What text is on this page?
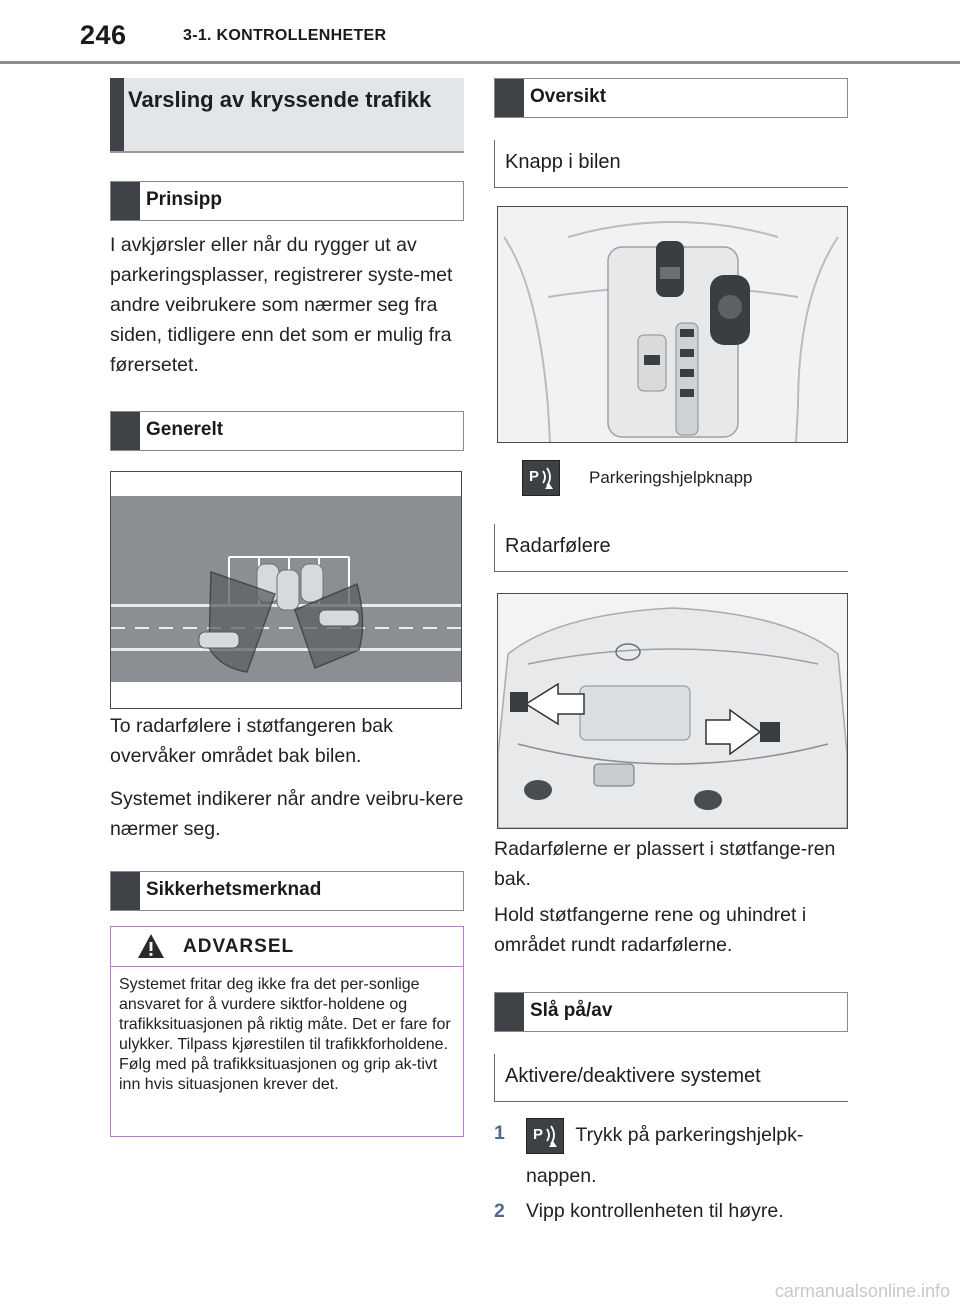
246	3-1. KONTROLLENHETER
Varsling av kryssende trafikk
Prinsipp
I avkjørsler eller når du rygger ut av parkeringsplasser, registrerer syste-met andre veibrukere som nærmer seg fra siden, tidligere enn det som er mulig fra førersetet.
Generelt
To radarfølere i støtfangeren bak overvåker området bak bilen.
Systemet indikerer når andre veibru-kere nærmer seg.
Sikkerhetsmerknad
ADVARSEL
Systemet fritar deg ikke fra det per-sonlige ansvaret for å vurdere siktfor-holdene og trafikksituasjonen på riktig måte. Det er fare for ulykker. Tilpass kjørestilen til trafikkforholdene. Følg med på trafikksituasjonen og grip ak-tivt inn hvis situasjonen krever det.
Oversikt
Knapp i bilen
P	Parkeringshjelpknapp
Radarfølere
Radarfølerne er plassert i støtfange-ren bak.
Hold støtfangerne rene og uhindret i området rundt radarfølerne.
Slå på/av
Aktivere/deaktivere systemet
1 P Trykk på parkeringshjelpk-
nappen.
2 Vipp kontrollenheten til høyre.
carmanualsonline.info
